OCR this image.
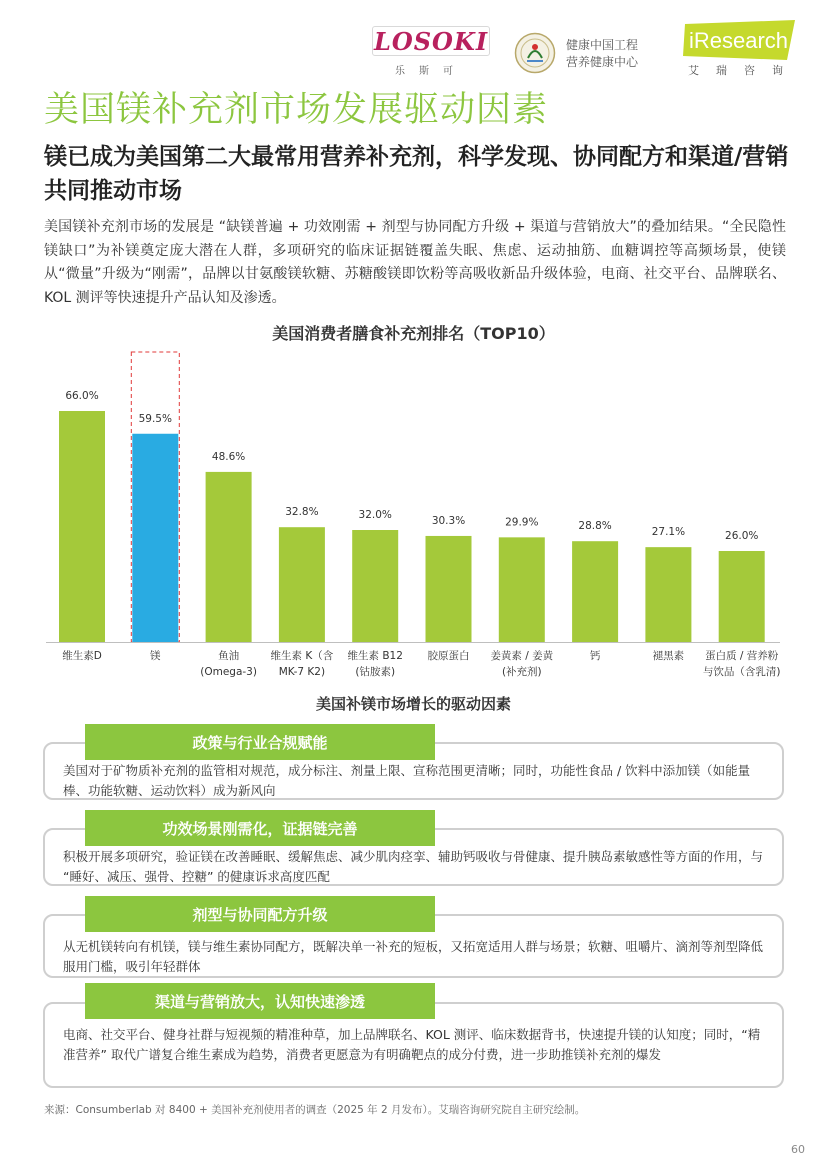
LOSOKI
乐斯可
健康中国工程
营养健康中心
iResearch
艾瑞咨询
美国镁补充剂市场发展驱动因素
镁已成为美国第二大最常用营养补充剂，科学发现、协同配方和渠道/营销共同推动市场

美国镁补充剂市场的发展是 “缺镁普遍 + 功效刚需 + 剂型与协同配方升级 + 渠道与营销放大”的叠加结果。“全民隐性镁缺口”为补镁奠定庞大潜在人群，多项研究的临床证据链覆盖失眠、焦虑、运动抽筋、血糖调控等高频场景，使镁从“微量”升级为“刚需”，品牌以甘氨酸镁软糖、苏糖酸镁即饮粉等高吸收新品升级体验，电商、社交平台、品牌联名、KOL 测评等快速提升产品认知及渗透。

美国消费者膳食补充剂排名（TOP10）
66.0%
维生素D
59.5%
镁
48.6%
鱼油
(Omega-3)
32.8%
维生素 K（含
MK-7 K2)
32.0%
维生素 B12
(钴胺素)
30.3%
胶原蛋白
29.9%
姜黄素 / 姜黄
(补充剂)
28.8%
钙
27.1%
褪黑素
26.0%
蛋白质 / 营养粉
与饮品（含乳清)
美国补镁市场增长的驱动因素
美国对于矿物质补充剂的监管相对规范，成分标注、剂量上限、宣称范围更清晰；同时，功能性食品 / 饮料中添加镁（如能量棒、功能软糖、运动饮料）成为新风向
政策与行业合规赋能
积极开展多项研究，验证镁在改善睡眠、缓解焦虑、减少肌肉痉挛、辅助钙吸收与骨健康、提升胰岛素敏感性等方面的作用，与 “睡好、减压、强骨、控糖” 的健康诉求高度匹配
功效场景刚需化，证据链完善
从无机镁转向有机镁，镁与维生素协同配方，既解决单一补充的短板，又拓宽适用人群与场景；软糖、咀嚼片、滴剂等剂型降低服用门槛，吸引年轻群体
剂型与协同配方升级
电商、社交平台、健身社群与短视频的精准种草，加上品牌联名、KOL 测评、临床数据背书，快速提升镁的认知度；同时，“精准营养” 取代广谱复合维生素成为趋势，消费者更愿意为有明确靶点的成分付费，进一步助推镁补充剂的爆发
渠道与营销放大，认知快速渗透
来源：Consumberlab 对 8400 + 美国补充剂使用者的调查（2025 年 2 月发布）。艾瑞咨询研究院自主研究绘制。
60
